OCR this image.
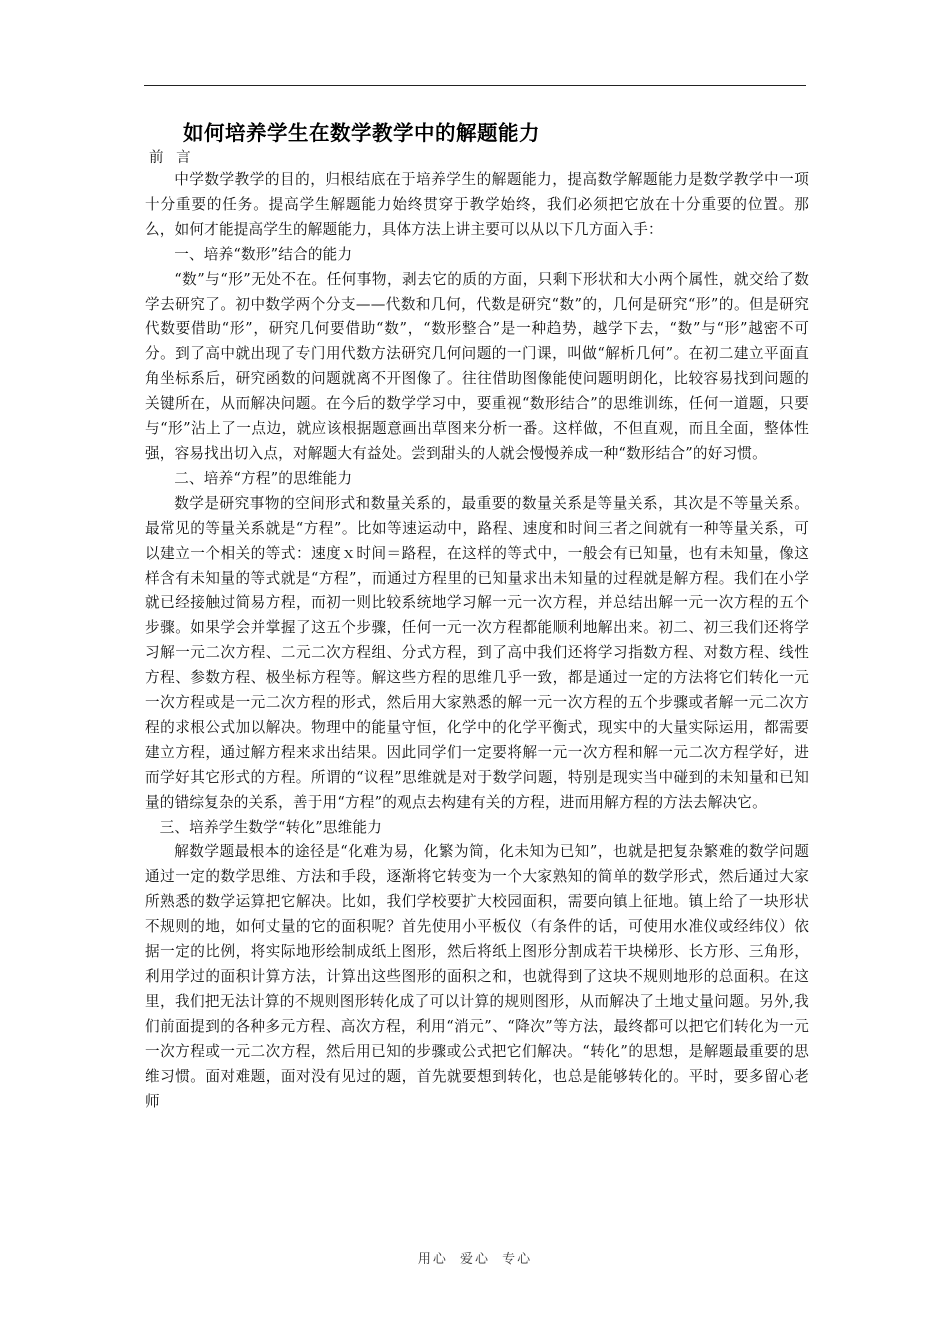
如何培养学生在数学教学中的解题能力

前 言

中学数学教学的目的，归根结底在于培养学生的解题能力，提高数学解题能力是数学教学中一项十分重要的任务。提高学生解题能力始终贯穿于教学始终，我们必须把它放在十分重要的位置。那么，如何才能提高学生的解题能力，具体方法上讲主要可以从以下几方面入手：

一、培养“数形”结合的能力

“数”与“形”无处不在。任何事物，剥去它的质的方面，只剩下形状和大小两个属性，就交给了数学去研究了。初中数学两个分支——代数和几何，代数是研究“数”的，几何是研究“形”的。但是研究代数要借助“形”，研究几何要借助“数”，“数形整合”是一种趋势，越学下去，“数”与“形”越密不可分。到了高中就出现了专门用代数方法研究几何问题的一门课，叫做“解析几何”。在初二建立平面直角坐标系后，研究函数的问题就离不开图像了。往往借助图像能使问题明朗化，比较容易找到问题的关键所在，从而解决问题。在今后的数学学习中，要重视“数形结合”的思维训练，任何一道题，只要与“形”沾上了一点边，就应该根据题意画出草图来分析一番。这样做，不但直观，而且全面，整体性强，容易找出切入点，对解题大有益处。尝到甜头的人就会慢慢养成一种“数形结合”的好习惯。

二、培养“方程”的思维能力

数学是研究事物的空间形式和数量关系的，最重要的数量关系是等量关系，其次是不等量关系。最常见的等量关系就是“方程”。比如等速运动中，路程、速度和时间三者之间就有一种等量关系，可以建立一个相关的等式：速度ｘ时间＝路程，在这样的等式中，一般会有已知量，也有未知量，像这样含有未知量的等式就是“方程”，而通过方程里的已知量求出未知量的过程就是解方程。我们在小学就已经接触过简易方程，而初一则比较系统地学习解一元一次方程，并总结出解一元一次方程的五个步骤。如果学会并掌握了这五个步骤，任何一元一次方程都能顺利地解出来。初二、初三我们还将学习解一元二次方程、二元二次方程组、分式方程，到了高中我们还将学习指数方程、对数方程、线性方程、参数方程、极坐标方程等。解这些方程的思维几乎一致，都是通过一定的方法将它们转化一元一次方程或是一元二次方程的形式，然后用大家熟悉的解一元一次方程的五个步骤或者解一元二次方程的求根公式加以解决。物理中的能量守恒，化学中的化学平衡式，现实中的大量实际运用，都需要建立方程，通过解方程来求出结果。因此同学们一定要将解一元一次方程和解一元二次方程学好，进而学好其它形式的方程。所谓的“议程”思维就是对于数学问题，特别是现实当中碰到的未知量和已知量的错综复杂的关系，善于用“方程”的观点去构建有关的方程，进而用解方程的方法去解决它。

三、培养学生数学“转化”思维能力

解数学题最根本的途径是“化难为易，化繁为简，化未知为已知”，也就是把复杂繁难的数学问题通过一定的数学思维、方法和手段，逐渐将它转变为一个大家熟知的简单的数学形式，然后通过大家所熟悉的数学运算把它解决。比如，我们学校要扩大校园面积，需要向镇上征地。镇上给了一块形状不规则的地，如何丈量的它的面积呢？首先使用小平板仪（有条件的话，可使用水准仪或经纬仪）依据一定的比例，将实际地形绘制成纸上图形，然后将纸上图形分割成若干块梯形、长方形、三角形，利用学过的面积计算方法，计算出这些图形的面积之和，也就得到了这块不规则地形的总面积。在这里，我们把无法计算的不规则图形转化成了可以计算的规则图形，从而解决了土地丈量问题。另外,我们前面提到的各种多元方程、高次方程，利用“消元”、“降次”等方法，最终都可以把它们转化为一元一次方程或一元二次方程，然后用已知的步骤或公式把它们解决。“转化”的思想，是解题最重要的思维习惯。面对难题，面对没有见过的题，首先就要想到转化，也总是能够转化的。平时，要多留心老师

用心 爱心 专心
